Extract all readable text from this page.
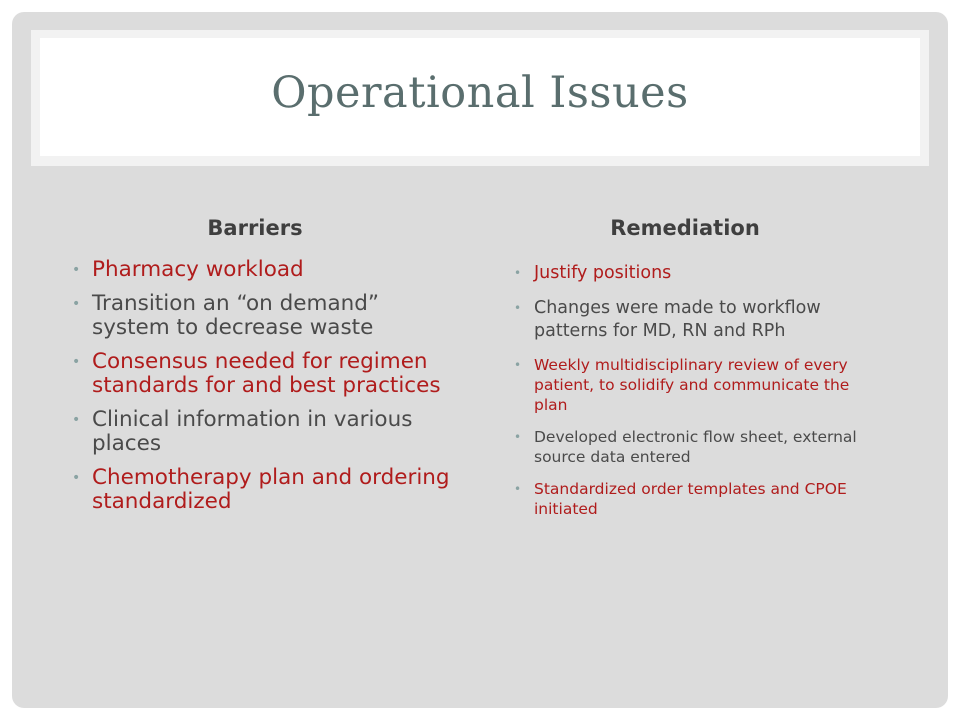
Operational Issues
Barriers	Remediation
• Pharmacy workload
• Transition an “on demand” system to decrease waste
• Consensus needed for regimen standards for and best practices
• Clinical information in various places
• Chemotherapy plan and ordering standardized
• Justify positions
• Changes were made to workflow patterns for MD, RN and RPh
• Weekly multidisciplinary review of every patient, to solidify and communicate the plan
• Developed electronic flow sheet, external source data entered
• Standardized order templates and CPOE initiated
